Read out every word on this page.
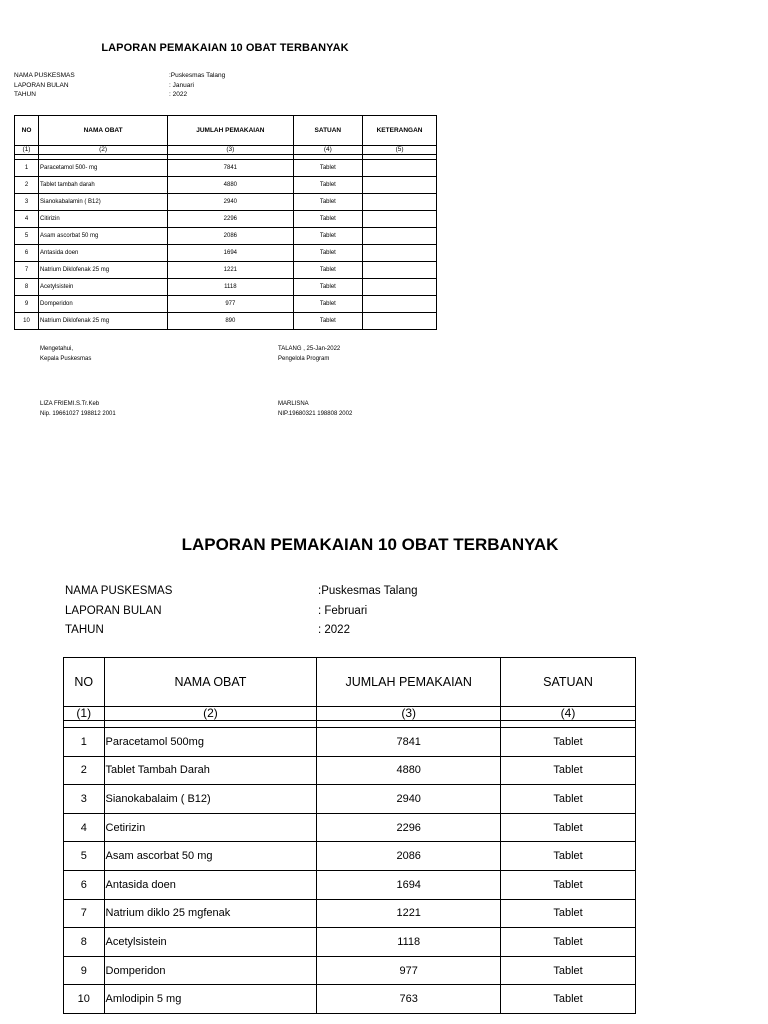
LAPORAN PEMAKAIAN 10 OBAT TERBANYAK
NAMA PUSKESMAS	:Puskesmas Talang
LAPORAN BULAN	: Januari
TAHUN	: 2022
NO	NAMA OBAT	JUMLAH PEMAKAIAN	SATUAN	KETERANGAN
(1)	(2)	(3)	(4)	(5)

1	Paracetamol 500- mg	7841	Tablet	
2	Tablet tambah darah	4880	Tablet	
3	Sianokabalamin ( B12)	2940	Tablet	
4	Citirizin	2296	Tablet	
5	Asam ascorbat 50 mg	2086	Tablet	
6	Antasida doen	1694	Tablet	
7	Natrium Diklofenak 25 mg	1221	Tablet	
8	Acetylsistein	1118	Tablet	
9	Domperidon	977	Tablet	
10	Natrium Diklofenak 25 mg	890	Tablet	
Mengetahui,
Kepala Puskesmas
LIZA FRIEMI.S.Tr.Keb
Nip. 19661027 198812 2001
TALANG , 25-Jan-2022
Pengelola Program
MARLISNA
NIP.19680321 198808 2002
LAPORAN PEMAKAIAN 10 OBAT TERBANYAK
NAMA PUSKESMAS	:Puskesmas Talang
LAPORAN BULAN	: Februari
TAHUN	: 2022
NO	NAMA OBAT	JUMLAH PEMAKAIAN	SATUAN
(1)	(2)	(3)	(4)

1	Paracetamol 500mg	7841	Tablet
2	Tablet Tambah Darah	4880	Tablet
3	Sianokabalaim ( B12)	2940	Tablet
4	Cetirizin	2296	Tablet
5	Asam ascorbat 50 mg	2086	Tablet
6	Antasida doen	1694	Tablet
7	Natrium diklo 25 mgfenak	1221	Tablet
8	Acetylsistein	1118	Tablet
9	Domperidon	977	Tablet
10	Amlodipin 5 mg	763	Tablet
